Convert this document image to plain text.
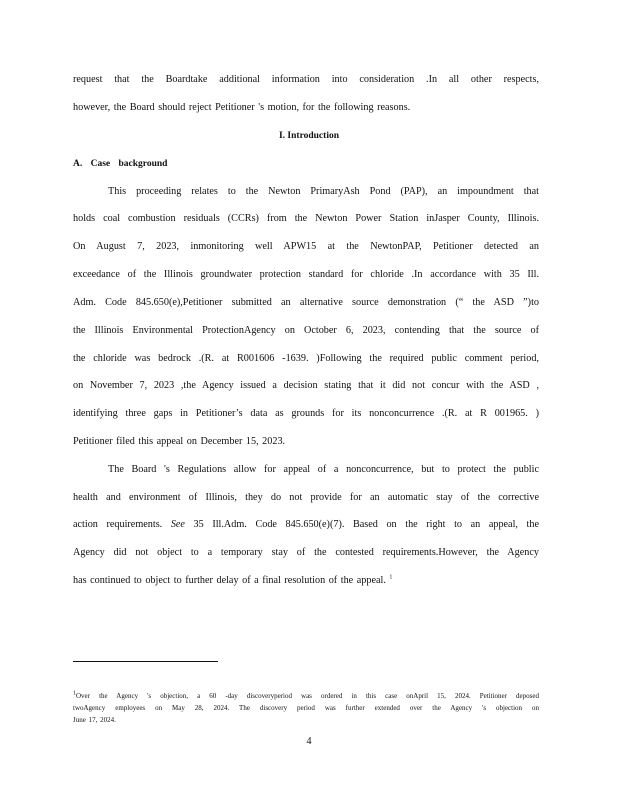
request that the Boardtake additional information into consideration .In all other respects,
however, the Board should reject Petitioner 's motion, for the following reasons.
I. Introduction
A. Case background
This proceeding relates to the Newton PrimaryAsh Pond (PAP), an impoundment that
holds coal combustion residuals (CCRs) from the Newton Power Station inJasper County, Illinois.
On August 7, 2023, inmonitoring well APW15 at the NewtonPAP, Petitioner detected an
exceedance of the Illinois groundwater protection standard for chloride .In accordance with 35 Ill.
Adm. Code 845.650(e),Petitioner submitted an alternative source demonstration (“ the ASD ”)to
the Illinois Environmental ProtectionAgency on October 6, 2023, contending that the source of
the chloride was bedrock .(R. at R001606 -1639. )Following the required public comment period,
on November 7, 2023 ,the Agency issued a decision stating that it did not concur with the ASD ,
identifying three gaps in Petitioner’s data as grounds for its nonconcurrence .(R. at R 001965. )
Petitioner filed this appeal on December 15, 2023.
The Board 's Regulations allow for appeal of a nonconcurrence, but to protect the public
health and environment of Illinois, they do not provide for an automatic stay of the corrective
action requirements. See 35 Ill.Adm. Code 845.650(e)(7). Based on the right to an appeal, the
Agency did not object to a temporary stay of the contested requirements.However, the Agency
has continued to object to further delay of a final resolution of the appeal. $^1$
$^1$Over the Agency 's objection, a 60 -day discoveryperiod was ordered in this case onApril 15, 2024. Petitioner deposed
twoAgency employees on May 28, 2024. The discovery period was further extended over the Agency 's objection on
June 17, 2024.
4
